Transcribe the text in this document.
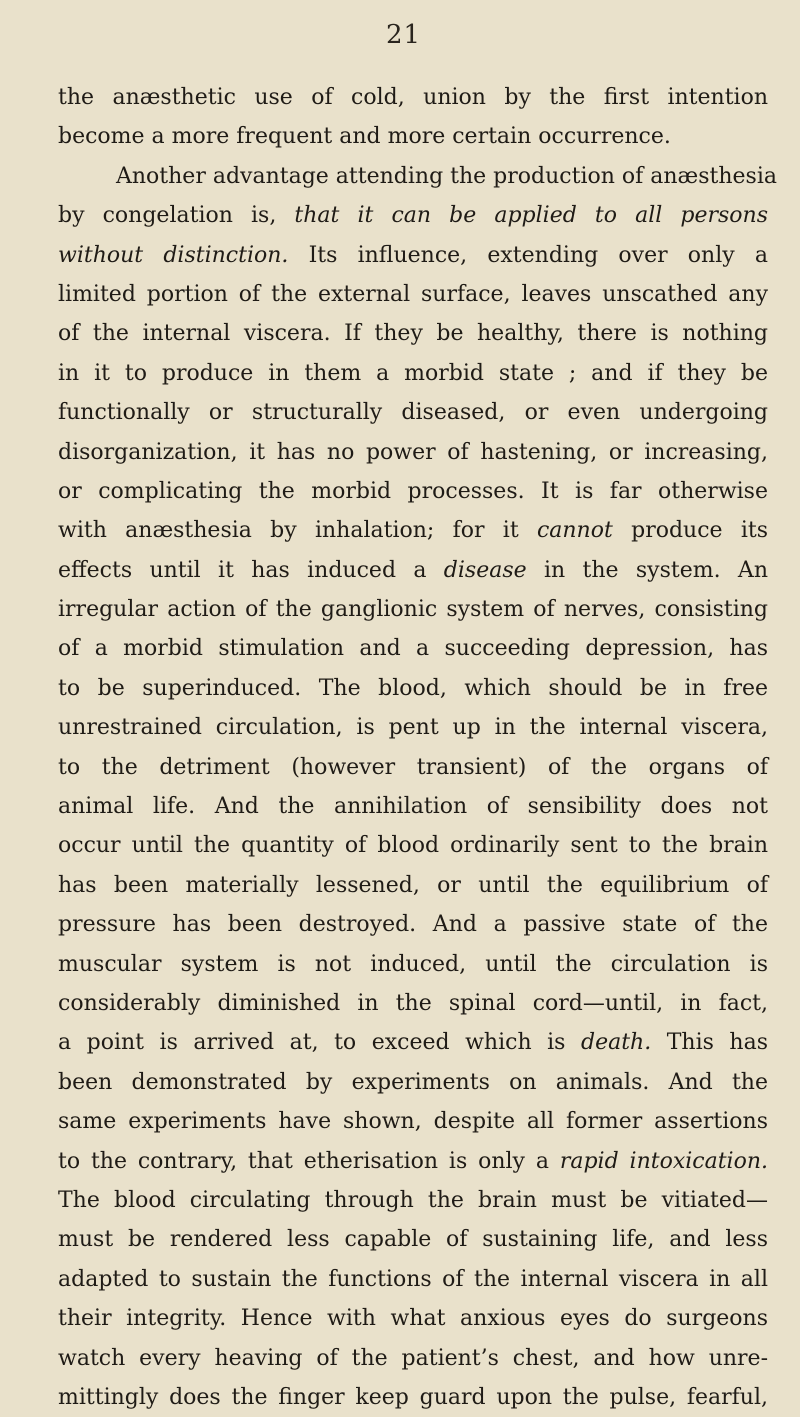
21
the anæsthetic use of cold, union by the first intention
become a more frequent and more certain occurrence.
Another advantage attending the production of anæsthesia
by congelation is, that it can be applied to all persons
without distinction. Its influence, extending over only a
limited portion of the external surface, leaves unscathed any
of the internal viscera. If they be healthy, there is nothing
in it to produce in them a morbid state ; and if they be
functionally or structurally diseased, or even undergoing
disorganization, it has no power of hastening, or increasing,
or complicating the morbid processes. It is far otherwise
with anæsthesia by inhalation; for it cannot produce its
effects until it has induced a disease in the system. An
irregular action of the ganglionic system of nerves, consisting
of a morbid stimulation and a succeeding depression, has
to be superinduced. The blood, which should be in free
unrestrained circulation, is pent up in the internal viscera,
to the detriment (however transient) of the organs of
animal life. And the annihilation of sensibility does not
occur until the quantity of blood ordinarily sent to the brain
has been materially lessened, or until the equilibrium of
pressure has been destroyed. And a passive state of the
muscular system is not induced, until the circulation is
considerably diminished in the spinal cord—until, in fact,
a point is arrived at, to exceed which is death. This has
been demonstrated by experiments on animals. And the
same experiments have shown, despite all former assertions
to the contrary, that etherisation is only a rapid intoxication.
The blood circulating through the brain must be vitiated—
must be rendered less capable of sustaining life, and less
adapted to sustain the functions of the internal viscera in all
their integrity. Hence with what anxious eyes do surgeons
watch every heaving of the patient’s chest, and how unre-
mittingly does the finger keep guard upon the pulse, fearful,
